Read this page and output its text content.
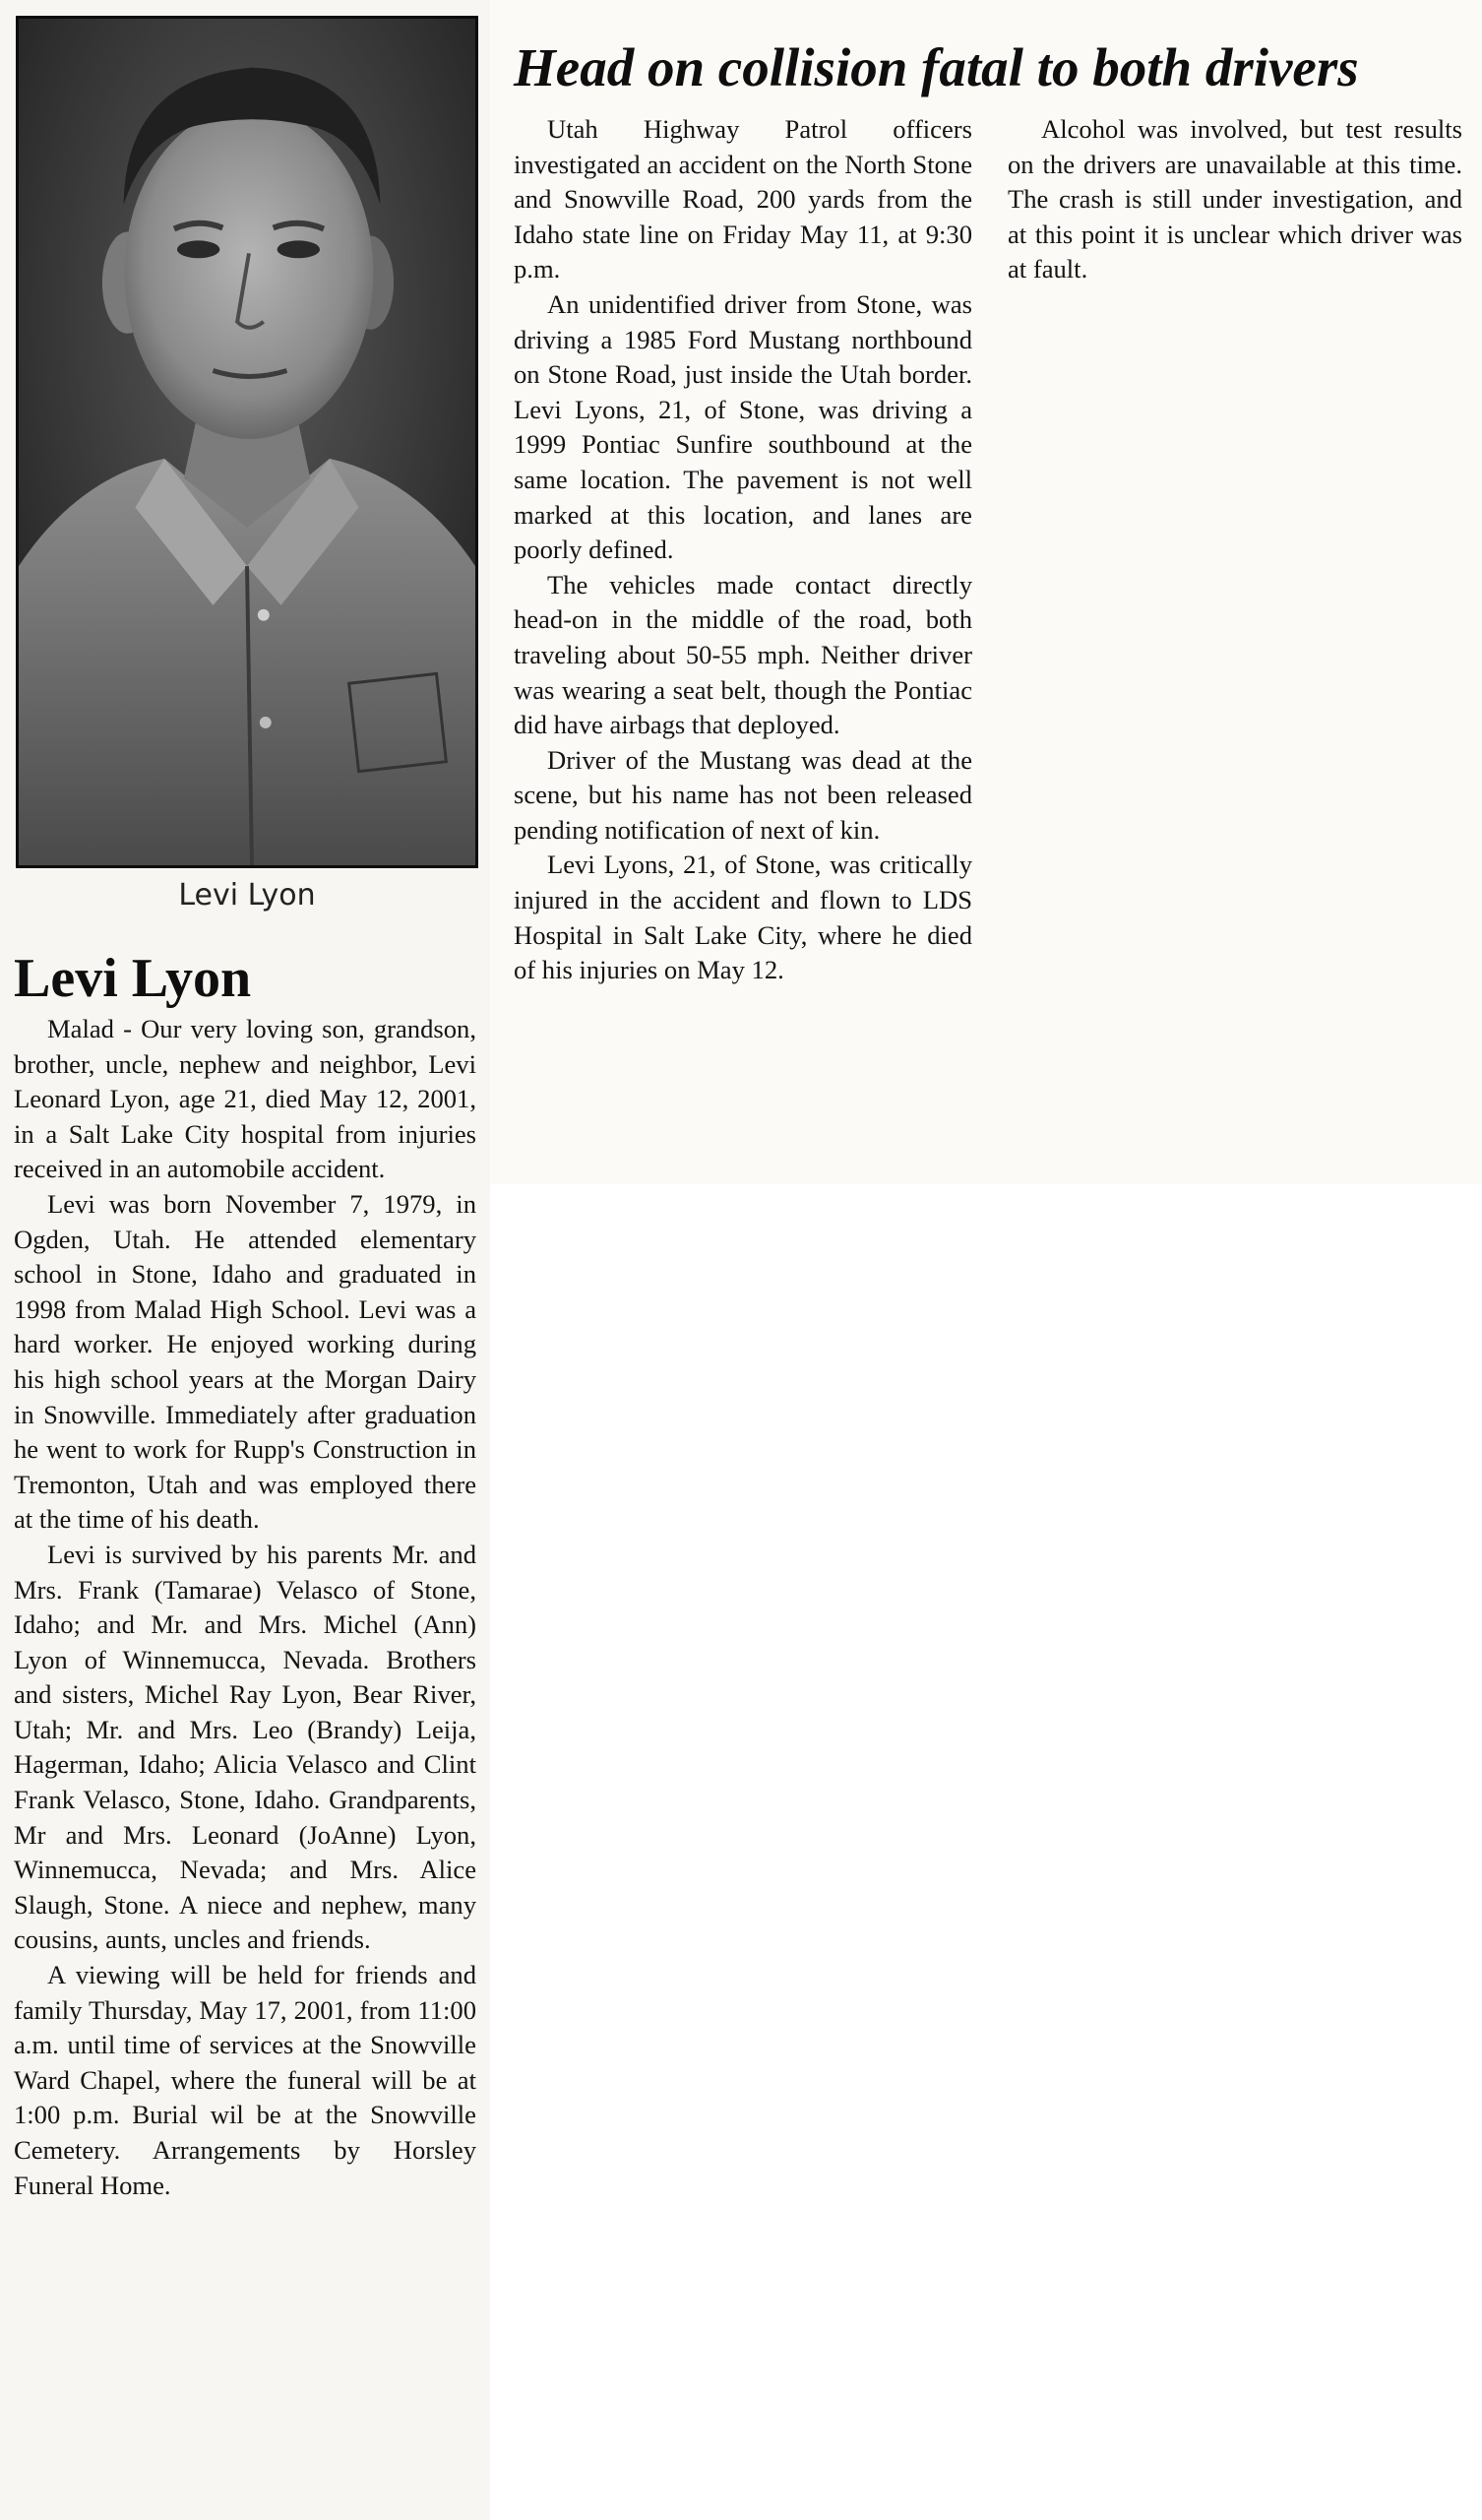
Levi Lyon
Levi Lyon

Malad - Our very loving son, grandson, brother, uncle, nephew and neighbor, Levi Leonard Lyon, age 21, died May 12, 2001, in a Salt Lake City hospital from injuries received in an automobile accident.

Levi was born November 7, 1979, in Ogden, Utah. He attended elementary school in Stone, Idaho and graduated in 1998 from Malad High School. Levi was a hard worker. He enjoyed working during his high school years at the Morgan Dairy in Snowville. Immediately after graduation he went to work for Rupp's Construction in Tremonton, Utah and was employed there at the time of his death.

Levi is survived by his parents Mr. and Mrs. Frank (Tamarae) Velasco of Stone, Idaho; and Mr. and Mrs. Michel (Ann) Lyon of Winnemucca, Nevada. Brothers and sisters, Michel Ray Lyon, Bear River, Utah; Mr. and Mrs. Leo (Brandy) Leija, Hagerman, Idaho; Alicia Velasco and Clint Frank Velasco, Stone, Idaho. Grandparents, Mr and Mrs. Leonard (JoAnne) Lyon, Winnemucca, Nevada; and Mrs. Alice Slaugh, Stone. A niece and nephew, many cousins, aunts, uncles and friends.

A viewing will be held for friends and family Thursday, May 17, 2001, from 11:00 a.m. until time of services at the Snowville Ward Chapel, where the funeral will be at 1:00 p.m. Burial wil be at the Snowville Cemetery. Arrangements by Horsley Funeral Home.

Head on collision fatal to both drivers

Utah Highway Patrol officers investigated an accident on the North Stone and Snowville Road, 200 yards from the Idaho state line on Friday May 11, at 9:30 p.m.

An unidentified driver from Stone, was driving a 1985 Ford Mustang northbound on Stone Road, just inside the Utah border. Levi Lyons, 21, of Stone, was driving a 1999 Pontiac Sunfire southbound at the same location. The pavement is not well marked at this location, and lanes are poorly defined.

The vehicles made contact directly head-on in the middle of the road, both traveling about 50-55 mph. Neither driver was wearing a seat belt, though the Pontiac did have airbags that deployed.

Driver of the Mustang was dead at the scene, but his name has not been released pending notification of next of kin.

Levi Lyons, 21, of Stone, was critically injured in the accident and flown to LDS Hospital in Salt Lake City, where he died of his injuries on May 12.

Alcohol was involved, but test results on the drivers are unavailable at this time. The crash is still under investigation, and at this point it is unclear which driver was at fault.
